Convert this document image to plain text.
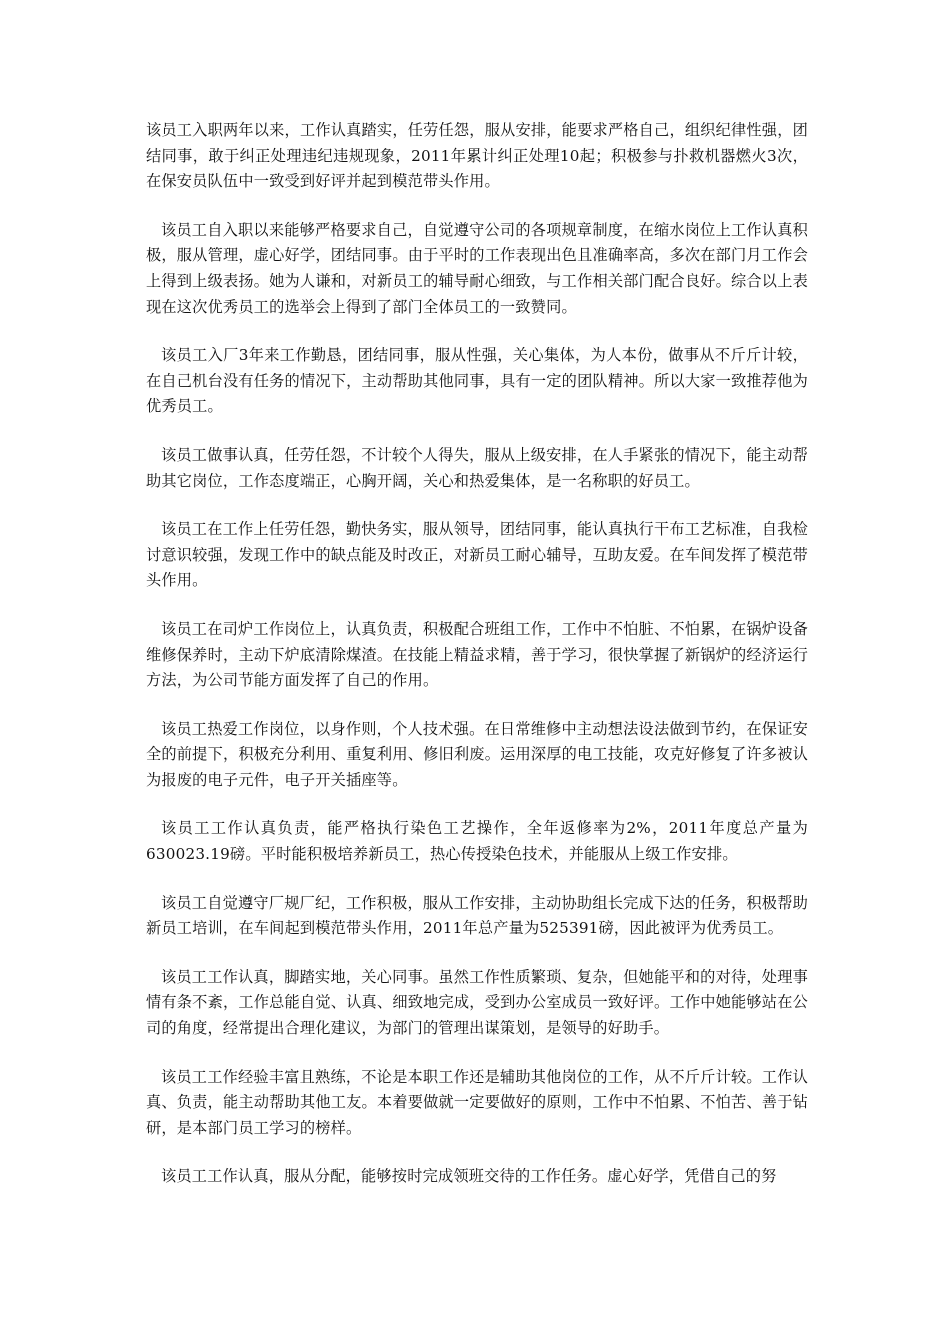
该员工入职两年以来，工作认真踏实，任劳任怨，服从安排，能要求严格自己，组织纪律性强，团结同事，敢于纠正处理违纪违规现象，2011年累计纠正处理10起；积极参与扑救机器燃火3次，在保安员队伍中一致受到好评并起到模范带头作用。

该员工自入职以来能够严格要求自己，自觉遵守公司的各项规章制度，在缩水岗位上工作认真积极，服从管理，虚心好学，团结同事。由于平时的工作表现出色且准确率高，多次在部门月工作会上得到上级表扬。她为人谦和，对新员工的辅导耐心细致，与工作相关部门配合良好。综合以上表现在这次优秀员工的选举会上得到了部门全体员工的一致赞同。

该员工入厂3年来工作勤恳，团结同事，服从性强，关心集体，为人本份，做事从不斤斤计较，在自己机台没有任务的情况下，主动帮助其他同事，具有一定的团队精神。所以大家一致推荐他为优秀员工。

该员工做事认真，任劳任怨，不计较个人得失，服从上级安排，在人手紧张的情况下，能主动帮助其它岗位，工作态度端正，心胸开阔，关心和热爱集体，是一名称职的好员工。

该员工在工作上任劳任怨，勤快务实，服从领导，团结同事，能认真执行干布工艺标准，自我检讨意识较强，发现工作中的缺点能及时改正，对新员工耐心辅导，互助友爱。在车间发挥了模范带头作用。

该员工在司炉工作岗位上，认真负责，积极配合班组工作，工作中不怕脏、不怕累，在锅炉设备维修保养时，主动下炉底清除煤渣。在技能上精益求精，善于学习，很快掌握了新锅炉的经济运行方法，为公司节能方面发挥了自己的作用。

该员工热爱工作岗位，以身作则，个人技术强。在日常维修中主动想法设法做到节约，在保证安全的前提下，积极充分利用、重复利用、修旧利废。运用深厚的电工技能，攻克好修复了许多被认为报废的电子元件，电子开关插座等。

该员工工作认真负责，能严格执行染色工艺操作，全年返修率为2%，2011年度总产量为630023.19磅。平时能积极培养新员工，热心传授染色技术，并能服从上级工作安排。

该员工自觉遵守厂规厂纪，工作积极，服从工作安排，主动协助组长完成下达的任务，积极帮助新员工培训，在车间起到模范带头作用，2011年总产量为525391磅，因此被评为优秀员工。

该员工工作认真，脚踏实地，关心同事。虽然工作性质繁琐、复杂，但她能平和的对待，处理事情有条不紊，工作总能自觉、认真、细致地完成，受到办公室成员一致好评。工作中她能够站在公司的角度，经常提出合理化建议，为部门的管理出谋策划，是领导的好助手。

该员工工作经验丰富且熟练，不论是本职工作还是辅助其他岗位的工作，从不斤斤计较。工作认真、负责，能主动帮助其他工友。本着要做就一定要做好的原则，工作中不怕累、不怕苦、善于钻研，是本部门员工学习的榜样。

该员工工作认真，服从分配，能够按时完成领班交待的工作任务。虚心好学，凭借自己的努
